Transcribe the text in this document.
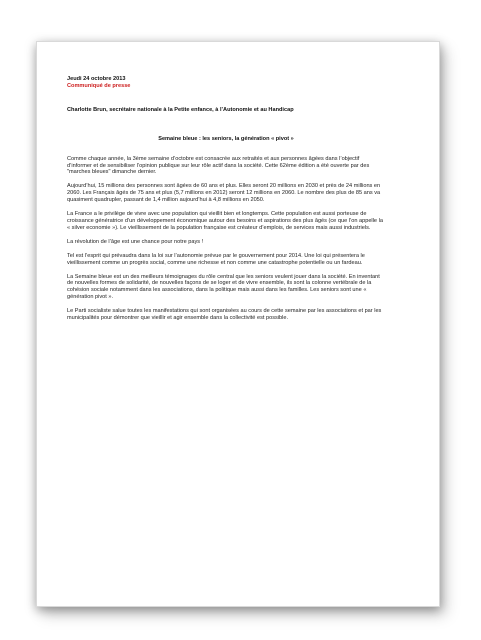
Jeudi 24 octobre 2013

Communiqué de presse

Charlotte Brun, secrétaire nationale à la Petite enfance, à l’Autonomie et au Handicap

Semaine bleue : les seniors, la génération « pivot »

Comme chaque année, la 3ème semaine d’octobre est consacrée aux retraités et aux personnes âgées dans l’objectif d’informer et de sensibiliser l’opinion publique sur leur rôle actif dans la société. Cette 62ème édition a été ouverte par des "marches bleues" dimanche dernier.

Aujourd’hui, 15 millions des personnes sont âgées de 60 ans et plus. Elles seront 20 millions en 2030 et près de 24 millions en 2060. Les Français âgés de 75 ans et plus (5,7 millions en 2012) seront 12 millions en 2060. Le nombre des plus de 85 ans va quasiment quadrupler, passant de 1,4 million aujourd’hui à 4,8 millions en 2050.

La France a le privilège de vivre avec une population qui vieillit bien et longtemps. Cette population est aussi porteuse de croissance génératrice d’un développement économique autour des besoins et aspirations des plus âgés (ce que l’on appelle la « silver economie »). Le vieillissement de la population française est créateur d’emplois, de services mais aussi industriels.

La révolution de l’âge est une chance pour notre pays !

Tel est l’esprit qui prévaudra dans la loi sur l’autonomie prévue par le gouvernement pour 2014. Une loi qui présentera le vieillissement comme un progrès social, comme une richesse et non comme une catastrophe potentielle ou un fardeau.

La Semaine bleue est un des meilleurs témoignages du rôle central que les seniors veulent jouer dans la société. En inventant de nouvelles formes de solidarité, de nouvelles façons de se loger et de vivre ensemble, ils sont la colonne vertébrale de la cohésion sociale notamment dans les associations, dans la politique mais aussi dans les familles. Les seniors sont une « génération pivot ».

Le Parti socialiste salue toutes les manifestations qui sont organisées au cours de cette semaine par les associations et par les municipalités pour démontrer que vieillir et agir ensemble dans la collectivité est possible.
